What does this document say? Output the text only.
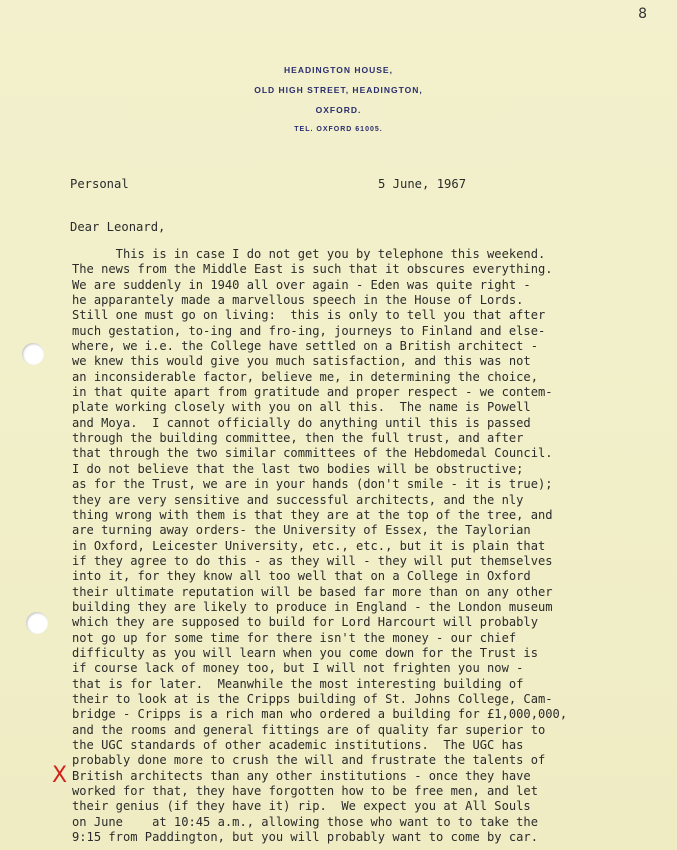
8
HEADINGTON HOUSE,
OLD HIGH STREET, HEADINGTON,
OXFORD.
TEL. OXFORD 61005.
Personal	5 June, 1967
Dear Leonard,
This is in case I do not get you by telephone this weekend.
The news from the Middle East is such that it obscures everything.
We are suddenly in 1940 all over again - Eden was quite right -
he apparantely made a marvellous speech in the House of Lords.
Still one must go on living:  this is only to tell you that after
much gestation, to-ing and fro-ing, journeys to Finland and else-
where, we i.e. the College have settled on a British architect -
we knew this would give you much satisfaction, and this was not
an inconsiderable factor, believe me, in determining the choice,
in that quite apart from gratitude and proper respect - we contem-
plate working closely with you on all this.  The name is Powell
and Moya.  I cannot officially do anything until this is passed
through the building committee, then the full trust, and after
that through the two similar committees of the Hebdomedal Council.
I do not believe that the last two bodies will be obstructive;
as for the Trust, we are in your hands (don't smile - it is true);
they are very sensitive and successful architects, and the nly
thing wrong with them is that they are at the top of the tree, and
are turning away orders- the University of Essex, the Taylorian
in Oxford, Leicester University, etc., etc., but it is plain that
if they agree to do this - as they will - they will put themselves
into it, for they know all too well that on a College in Oxford
their ultimate reputation will be based far more than on any other
building they are likely to produce in England - the London museum
which they are supposed to build for Lord Harcourt will probably
not go up for some time for there isn't the money - our chief
difficulty as you will learn when you come down for the Trust is
if course lack of money too, but I will not frighten you now -
that is for later.  Meanwhile the most interesting building of
their to look at is the Cripps building of St. Johns College, Cam-
bridge - Cripps is a rich man who ordered a building for £1,000,000,
and the rooms and general fittings are of quality far superior to
the UGC standards of other academic institutions.  The UGC has
probably done more to crush the will and frustrate the talents of
British architects than any other institutions - once they have
worked for that, they have forgotten how to be free men, and let
their genius (if they have it) rip.  We expect you at All Souls
on June    at 10:45 a.m., allowing those who want to to take the
9:15 from Paddington, but you will probably want to come by car.
X
